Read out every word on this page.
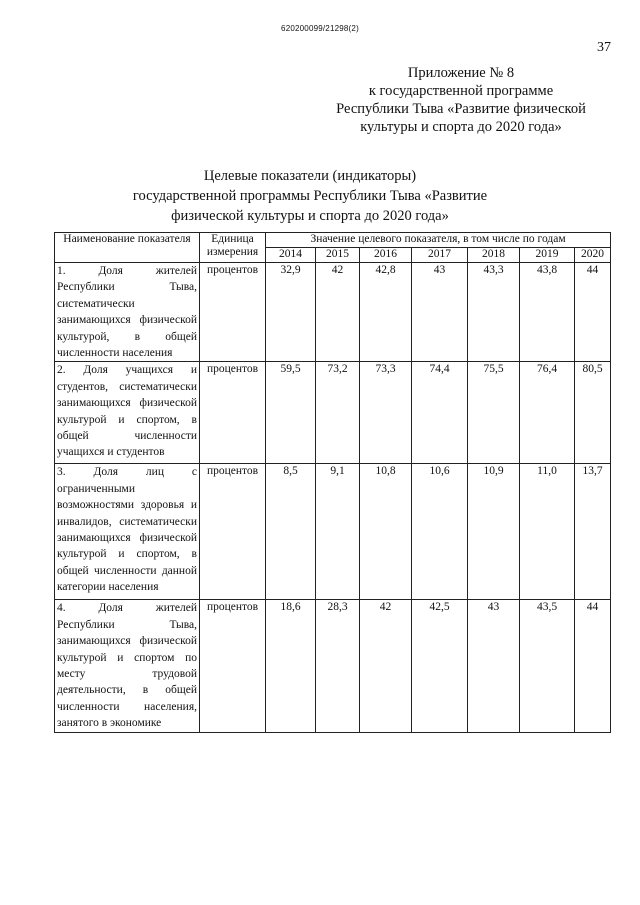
620200099/21298(2)
37
Приложение № 8
к государственной программе
Республики Тыва «Развитие физической
культуры и спорта до 2020 года»
Целевые показатели (индикаторы)
государственной программы Республики Тыва «Развитие
физической культуры и спорта до 2020 года»
Наименование показателя	Единица измерения	Значение целевого показателя, в том числе по годам						
		2014	2015	2016	2017	2018	2019	2020
1. Доля жителей Республики Тыва, систематически занимающихся физической культурой, в общей численности населения	процентов	32,9	42	42,8	43	43,3	43,8	44
2. Доля учащихся и студентов, систематически занимающихся физической культурой и спортом, в общей численности учащихся и студентов	процентов	59,5	73,2	73,3	74,4	75,5	76,4	80,5
3. Доля лиц с ограниченными возможностями здоровья и инвалидов, систематически занимающихся физической культурой и спортом, в общей численности данной категории населения	процентов	8,5	9,1	10,8	10,6	10,9	11,0	13,7
4. Доля жителей Республики Тыва, занимающихся физической культурой и спортом по месту трудовой деятельности, в общей численности населения, занятого в экономике	процентов	18,6	28,3	42	42,5	43	43,5	44
